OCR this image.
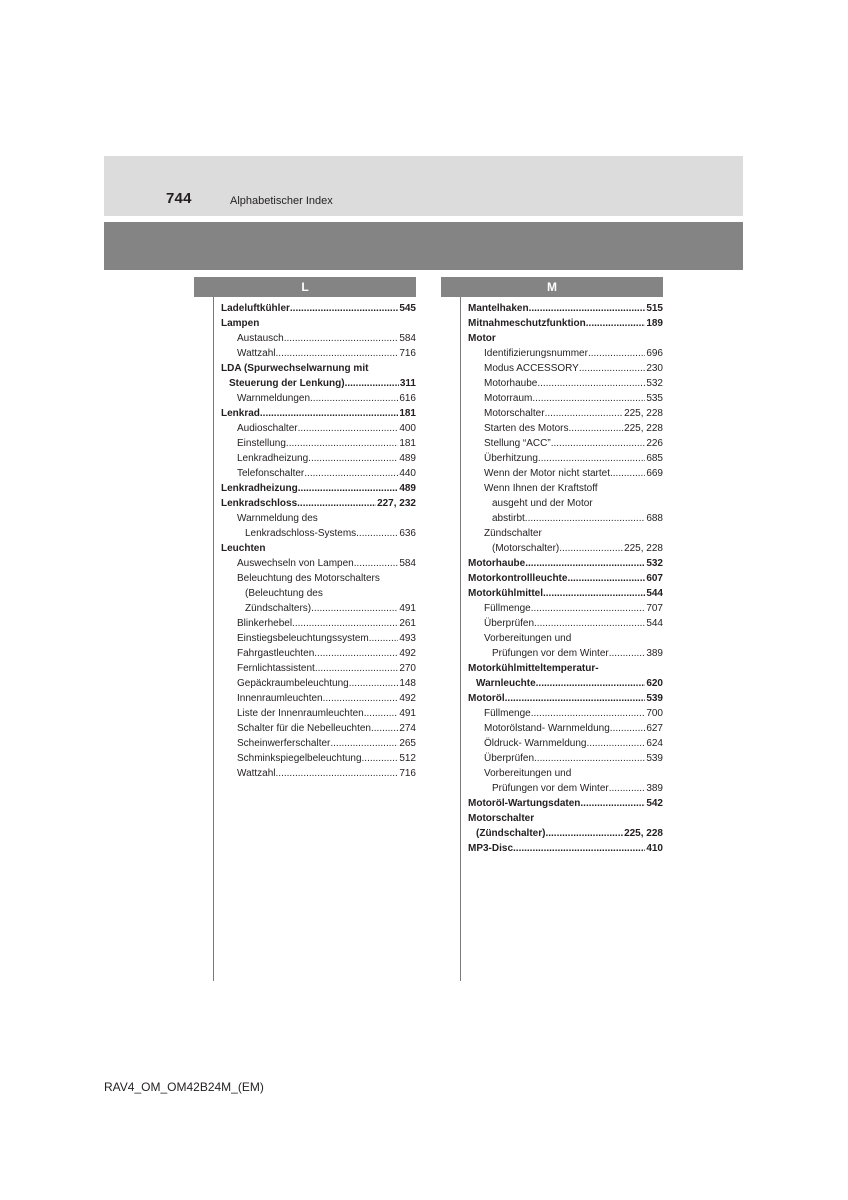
744	Alphabetischer Index
L	M
Ladeluftkühler .....	545
Lampen
Austausch .....	584
Wattzahl .....	716
LDA (Spurwechselwarnung mit
Steuerung der Lenkung) .....	311
Warnmeldungen .....	616
Lenkrad .....	181
Audioschalter .....	400
Einstellung .....	181
Lenkradheizung .....	489
Telefonschalter .....	440
Lenkradheizung .....	489
Lenkradschloss .....	227, 232
Warnmeldung des
Lenkradschloss-Systems .....	636
Leuchten
Auswechseln von Lampen .....	584
Beleuchtung des Motorschalters
(Beleuchtung des
Zündschalters) .....	491
Blinkerhebel .....	261
Einstiegsbeleuchtungssystem .....	493
Fahrgastleuchten .....	492
Fernlichtassistent .....	270
Gepäckraumbeleuchtung .....	148
Innenraumleuchten .....	492
Liste der Innenraumleuchten .....	491
Schalter für die Nebelleuchten .....	274
Scheinwerferschalter .....	265
Schminkspiegelbeleuchtung .....	512
Wattzahl .....	716
Mantelhaken .....	515
Mitnahmeschutzfunktion .....	189
Motor
Identifizierungsnummer .....	696
Modus ACCESSORY .....	230
Motorhaube .....	532
Motorraum .....	535
Motorschalter .....	225, 228
Starten des Motors .....	225, 228
Stellung “ACC” .....	226
Überhitzung .....	685
Wenn der Motor nicht startet .....	669
Wenn Ihnen der Kraftstoff
ausgeht und der Motor
abstirbt .....	688
Zündschalter
(Motorschalter) .....	225, 228
Motorhaube .....	532
Motorkontrollleuchte .....	607
Motorkühlmittel .....	544
Füllmenge .....	707
Überprüfen .....	544
Vorbereitungen und
Prüfungen vor dem Winter .....	389
Motorkühlmitteltemperatur-
Warnleuchte .....	620
Motoröl .....	539
Füllmenge .....	700
Motorölstand- Warnmeldung .....	627
Öldruck- Warnmeldung .....	624
Überprüfen .....	539
Vorbereitungen und
Prüfungen vor dem Winter .....	389
Motoröl-Wartungsdaten .....	542
Motorschalter
(Zündschalter) .....	225, 228
MP3-Disc .....	410
RAV4_OM_OM42B24M_(EM)
